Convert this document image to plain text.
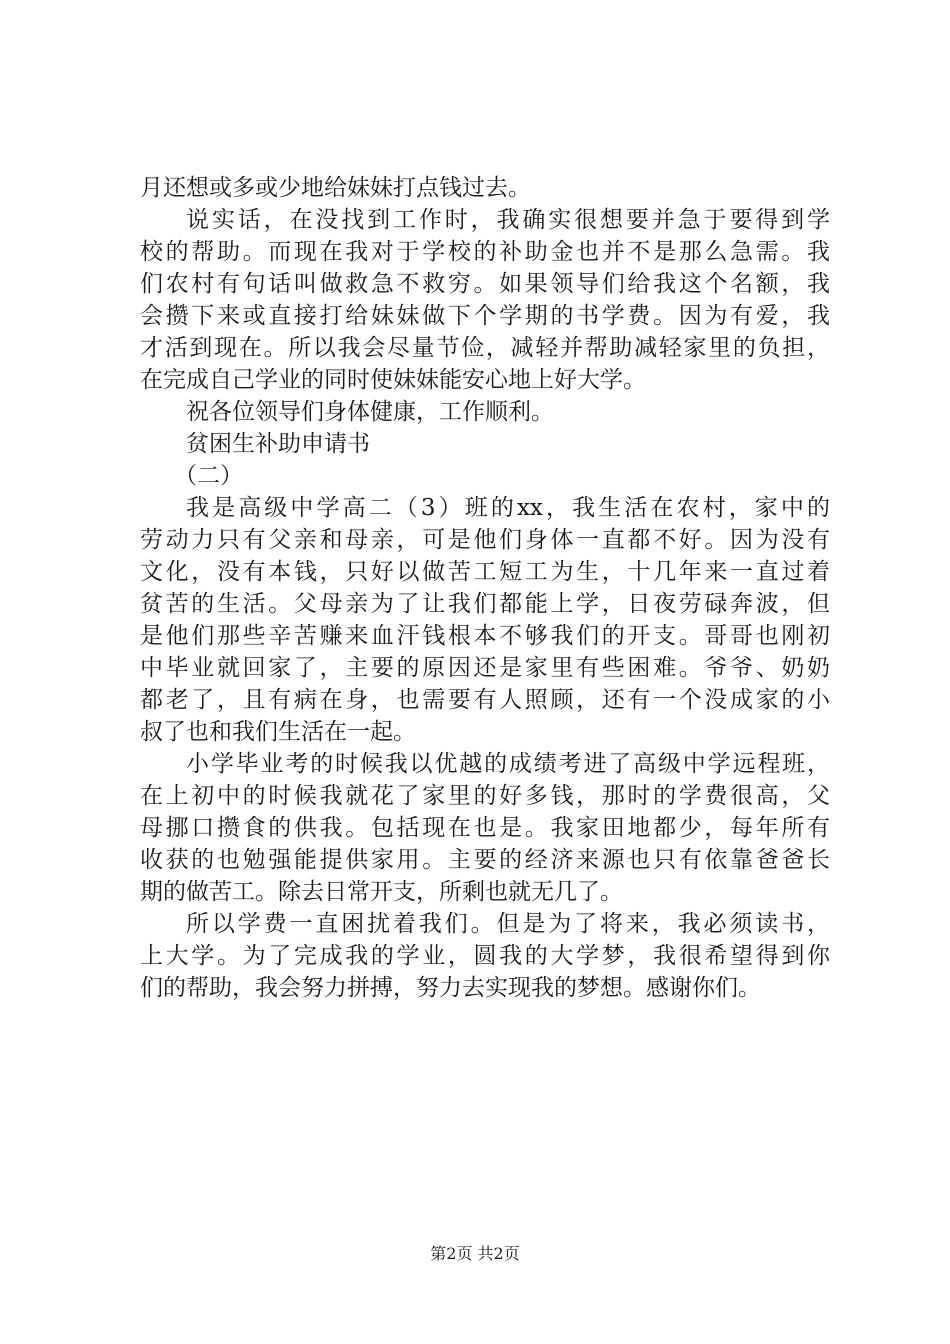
月还想或多或少地给妹妹打点钱过去。
说实话，在没找到工作时，我确实很想要并急于要得到学
校的帮助。而现在我对于学校的补助金也并不是那么急需。我
们农村有句话叫做救急不救穷。如果领导们给我这个名额，我
会攒下来或直接打给妹妹做下个学期的书学费。因为有爱，我
才活到现在。所以我会尽量节俭，减轻并帮助减轻家里的负担，
在完成自己学业的同时使妹妹能安心地上好大学。
祝各位领导们身体健康，工作顺利。
贫困生补助申请书
（二）
我是高级中学高二（3）班的xx，我生活在农村，家中的
劳动力只有父亲和母亲，可是他们身体一直都不好。因为没有
文化，没有本钱，只好以做苦工短工为生，十几年来一直过着
贫苦的生活。父母亲为了让我们都能上学，日夜劳碌奔波，但
是他们那些辛苦赚来血汗钱根本不够我们的开支。哥哥也刚初
中毕业就回家了，主要的原因还是家里有些困难。爷爷、奶奶
都老了，且有病在身，也需要有人照顾，还有一个没成家的小
叔了也和我们生活在一起。
小学毕业考的时候我以优越的成绩考进了高级中学远程班，
在上初中的时候我就花了家里的好多钱，那时的学费很高，父
母挪口攒食的供我。包括现在也是。我家田地都少，每年所有
收获的也勉强能提供家用。主要的经济来源也只有依靠爸爸长
期的做苦工。除去日常开支，所剩也就无几了。
所以学费一直困扰着我们。但是为了将来，我必须读书，
上大学。为了完成我的学业，圆我的大学梦，我很希望得到你
们的帮助，我会努力拼搏，努力去实现我的梦想。感谢你们。
第2页 共2页
